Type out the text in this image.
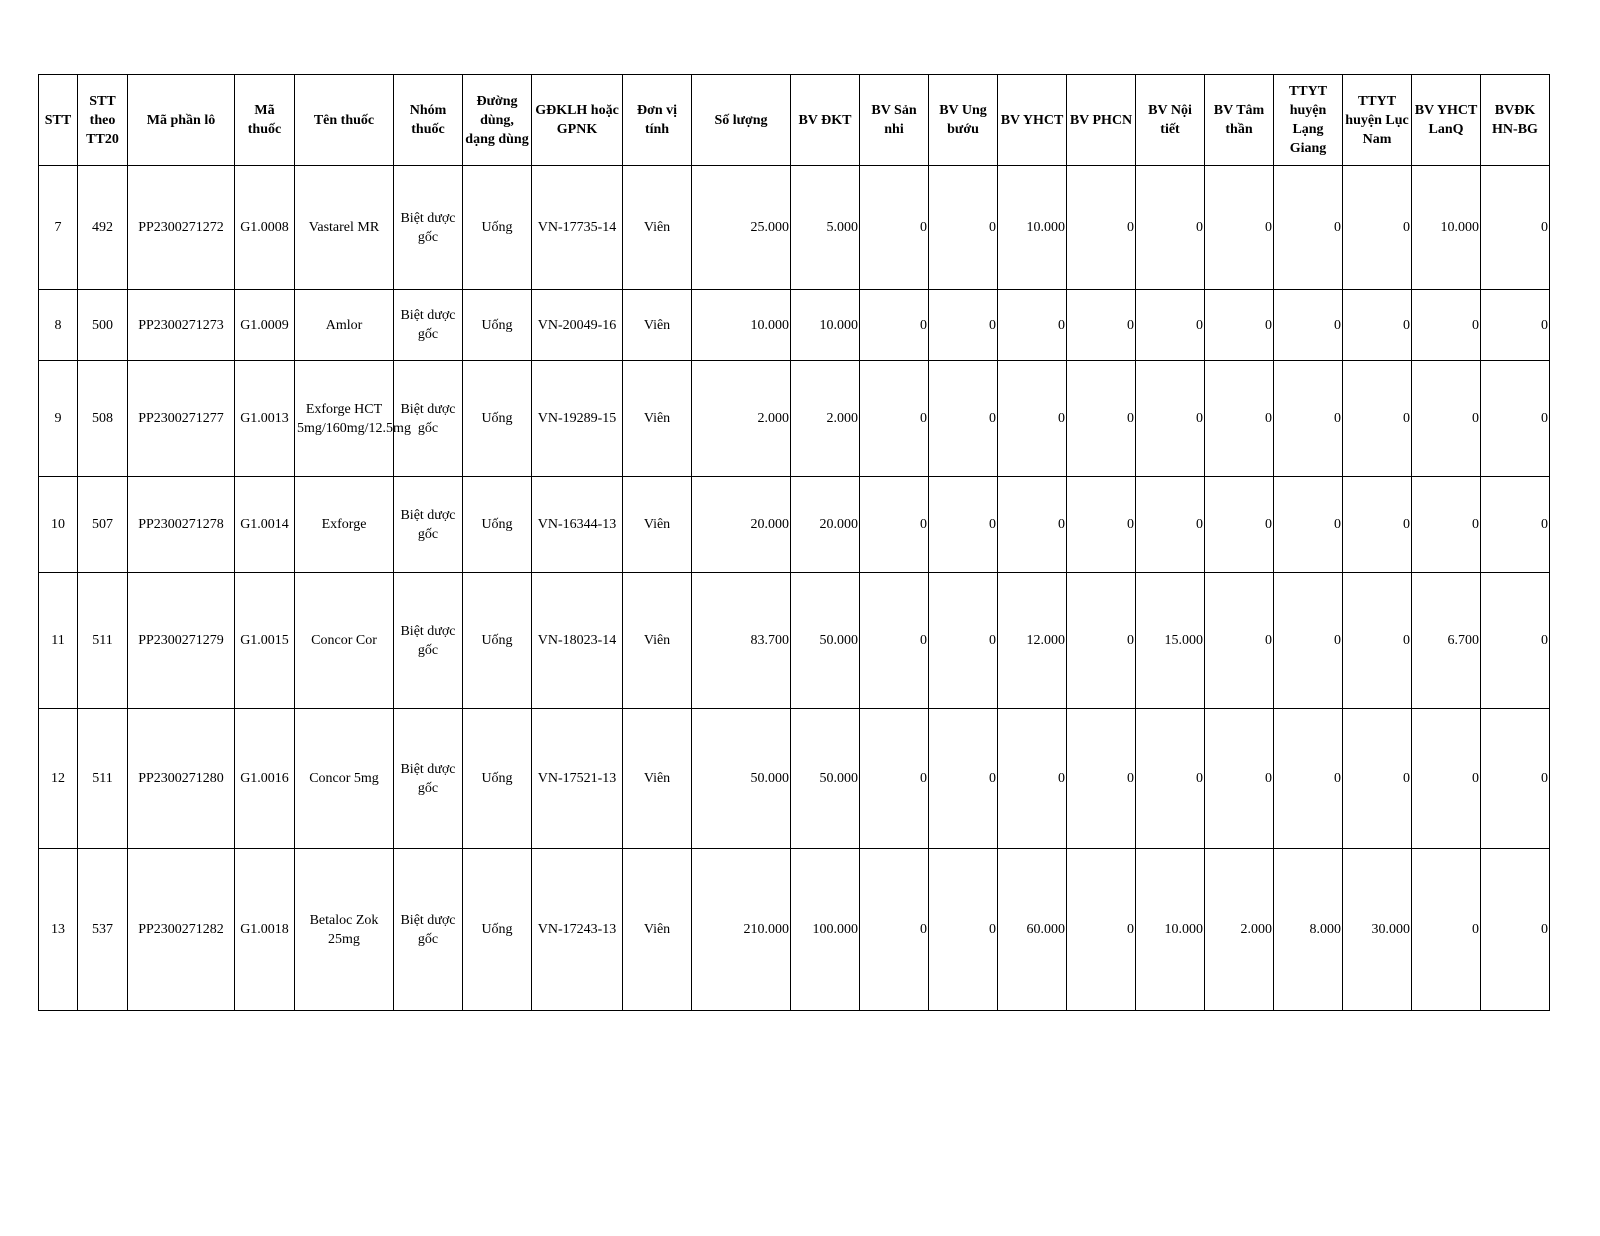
STT	STT theo TT20	Mã phần lô	Mã thuốc	Tên thuốc	Nhóm thuốc	Đường dùng, dạng dùng	GĐKLH hoặc GPNK	Đơn vị tính	Số lượng	BV ĐKT	BV Sản nhi	BV Ung bướu	BV YHCT	BV PHCN	BV Nội tiết	BV Tâm thần	TTYT huyện Lạng Giang	TTYT huyện Lục Nam	BV YHCT LanQ	BVĐK HN-BG
7	492	PP2300271272	G1.0008	Vastarel MR	Biệt dược gốc	Uống	VN-17735-14	Viên	25.000	5.000	0	0	10.000	0	0	0	0	0	10.000	0
8	500	PP2300271273	G1.0009	Amlor	Biệt dược gốc	Uống	VN-20049-16	Viên	10.000	10.000	0	0	0	0	0	0	0	0	0	0
9	508	PP2300271277	G1.0013	Exforge HCT 5mg/160mg/12.5mg	Biệt dược gốc	Uống	VN-19289-15	Viên	2.000	2.000	0	0	0	0	0	0	0	0	0	0
10	507	PP2300271278	G1.0014	Exforge	Biệt dược gốc	Uống	VN-16344-13	Viên	20.000	20.000	0	0	0	0	0	0	0	0	0	0
11	511	PP2300271279	G1.0015	Concor Cor	Biệt dược gốc	Uống	VN-18023-14	Viên	83.700	50.000	0	0	12.000	0	15.000	0	0	0	6.700	0
12	511	PP2300271280	G1.0016	Concor 5mg	Biệt dược gốc	Uống	VN-17521-13	Viên	50.000	50.000	0	0	0	0	0	0	0	0	0	0
13	537	PP2300271282	G1.0018	Betaloc Zok 25mg	Biệt dược gốc	Uống	VN-17243-13	Viên	210.000	100.000	0	0	60.000	0	10.000	2.000	8.000	30.000	0	0
